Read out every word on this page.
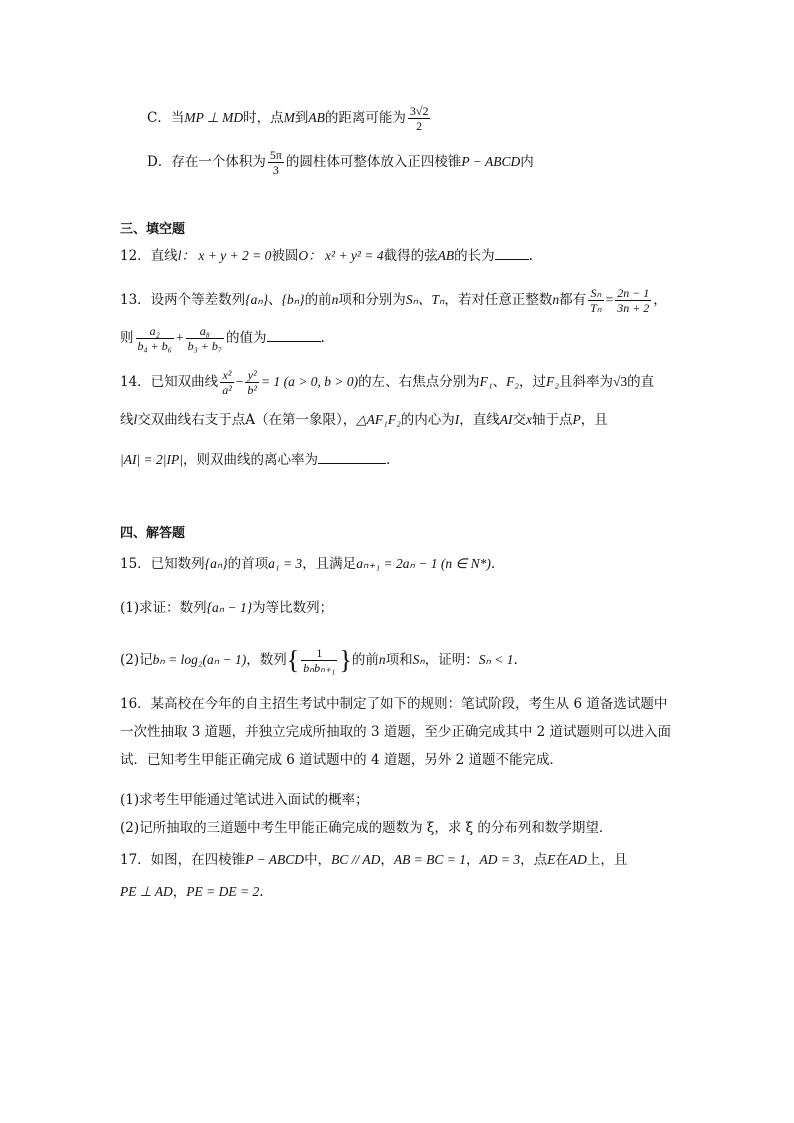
C．当MP ⊥ MD时，点M到AB的距离可能为 $\frac{3√2}{2}$
D．存在一个体积为 $\frac{5\pi}{3}$ 的圆柱体可整体放入正四棱锥P − ABCD内
三、填空题
12．直线l： x + y + 2 = 0被圆O： x² + y² = 4截得的弦AB的长为	.
13．设两个等差数列{aₙ}、{bₙ}的前n项和分别为Sₙ、Tₙ，若对任意正整数n都有 $\frac{\text{Sₙ}}{\text{Tₙ}} = \frac{2n - 1}{3n + 2}$ ，
则 $\frac{\text{a₂}}{\text{b₄ + b₆}} + \frac{\text{a₈}}{\text{b₃ + b₇}}$ 的值为	.
14．已知双曲线 $\frac{\text{x²}}{\text{a²}} - \frac{\text{y²}}{\text{b²}} = 1$ (a > 0, b > 0)的左、右焦点分别为F₁、F₂，过F₂且斜率为√3的直
线l交双曲线右支于点A（在第一象限），△AF₁F₂的内心为I，直线AI交x轴于点P，且
|AI| = 2|IP|，则双曲线的离心率为	.
四、解答题
15．已知数列{aₙ}的首项a₁ = 3，且满足aₙ₊₁ = 2aₙ − 1 (n ∈ N*).
(1)求证：数列{aₙ − 1}为等比数列；
(2)记bₙ = log₂(aₙ − 1)，数列{ $\frac{1}{\text{bₙbₙ₊₁}}$ }的前n项和Sₙ，证明：Sₙ < 1.
16．某高校在今年的自主招生考试中制定了如下的规则：笔试阶段，考生从 6 道备选试题中
一次性抽取 3 道题，并独立完成所抽取的 3 道题，至少正确完成其中 2 道试题则可以进入面
试．已知考生甲能正确完成 6 道试题中的 4 道题，另外 2 道题不能完成．
(1)求考生甲能通过笔试进入面试的概率；
(2)记所抽取的三道题中考生甲能正确完成的题数为 ξ，求 ξ 的分布列和数学期望．
17．如图，在四棱锥P − ABCD中，BC // AD，AB = BC = 1，AD = 3，点E在AD上，且
PE ⊥ AD，PE = DE = 2.
